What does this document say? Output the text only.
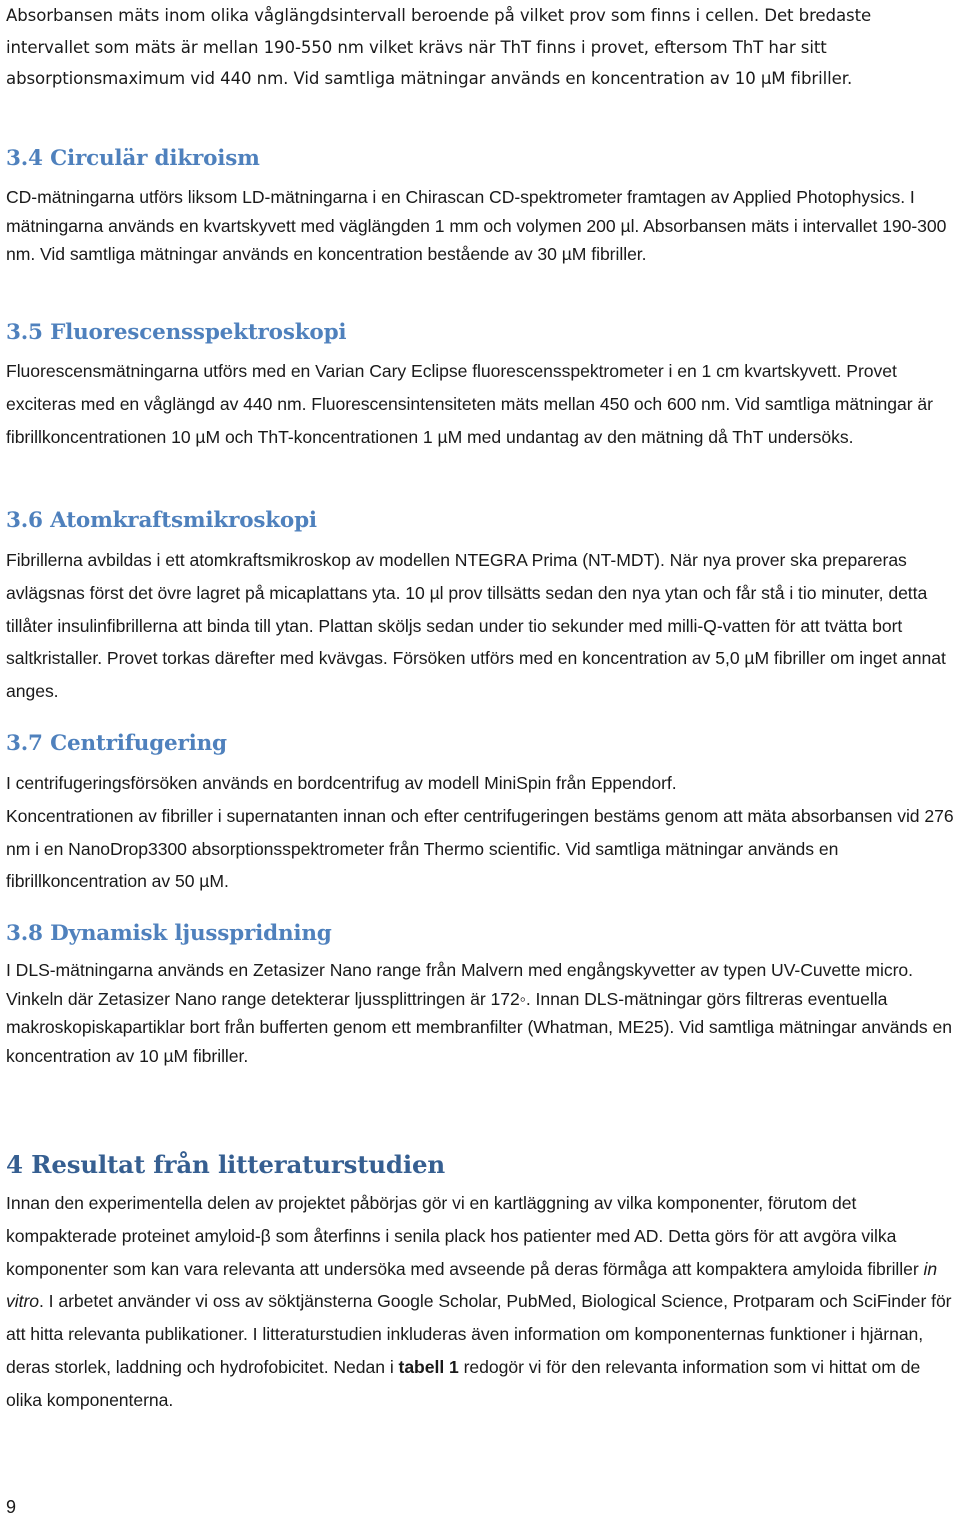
Absorbansen mäts inom olika våglängdsintervall beroende på vilket prov som finns i cellen. Det bredaste intervallet som mäts är mellan 190-550 nm vilket krävs när ThT finns i provet, eftersom ThT har sitt absorptionsmaximum vid 440 nm. Vid samtliga mätningar används en koncentration av 10 µM fibriller.

3.4 Circulär dikroism

CD-mätningarna utförs liksom LD-mätningarna i en Chirascan CD-spektrometer framtagen av Applied Photophysics. I mätningarna används en kvartskyvett med väglängden 1 mm och volymen 200 µl. Absorbansen mäts i intervallet 190-300 nm. Vid samtliga mätningar används en koncentration bestående av 30 µM fibriller.

3.5 Fluorescensspektroskopi

Fluorescensmätningarna utförs med en Varian Cary Eclipse fluorescensspektrometer i en 1 cm kvartskyvett. Provet exciteras med en våglängd av 440 nm. Fluorescensintensiteten mäts mellan 450 och 600 nm. Vid samtliga mätningar är fibrillkoncentrationen 10 µM och ThT-koncentrationen 1 µM med undantag av den mätning då ThT undersöks.

3.6 Atomkraftsmikroskopi

Fibrillerna avbildas i ett atomkraftsmikroskop av modellen NTEGRA Prima (NT-MDT). När nya prover ska prepareras avlägsnas först det övre lagret på micaplattans yta. 10 µl prov tillsätts sedan den nya ytan och får stå i tio minuter, detta tillåter insulinfibrillerna att binda till ytan. Plattan sköljs sedan under tio sekunder med milli-Q-vatten för att tvätta bort saltkristaller. Provet torkas därefter med kvävgas. Försöken utförs med en koncentration av 5,0 µM fibriller om inget annat anges.

3.7 Centrifugering

I centrifugeringsförsöken används en bordcentrifug av modell MiniSpin från Eppendorf.

Koncentrationen av fibriller i supernatanten innan och efter centrifugeringen bestäms genom att mäta absorbansen vid 276 nm i en NanoDrop3300 absorptionsspektrometer från Thermo scientific. Vid samtliga mätningar används en fibrillkoncentration av 50 µM.

3.8 Dynamisk ljusspridning

I DLS-mätningarna används en Zetasizer Nano range från Malvern med engångskyvetter av typen UV-Cuvette micro. Vinkeln där Zetasizer Nano range detekterar ljussplittringen är 172◦. Innan DLS-mätningar görs filtreras eventuella makroskopiskapartiklar bort från bufferten genom ett membranfilter (Whatman, ME25). Vid samtliga mätningar används en koncentration av 10 µM fibriller.

4 Resultat från litteraturstudien

Innan den experimentella delen av projektet påbörjas gör vi en kartläggning av vilka komponenter, förutom det kompakterade proteinet amyloid-β som återfinns i senila plack hos patienter med AD. Detta görs för att avgöra vilka komponenter som kan vara relevanta att undersöka med avseende på deras förmåga att kompaktera amyloida fibriller in vitro. I arbetet använder vi oss av söktjänsterna Google Scholar, PubMed, Biological Science, Protparam och SciFinder för att hitta relevanta publikationer. I litteraturstudien inkluderas även information om komponenternas funktioner i hjärnan, deras storlek, laddning och hydrofobicitet. Nedan i tabell 1 redogör vi för den relevanta information som vi hittat om de olika komponenterna.

9
